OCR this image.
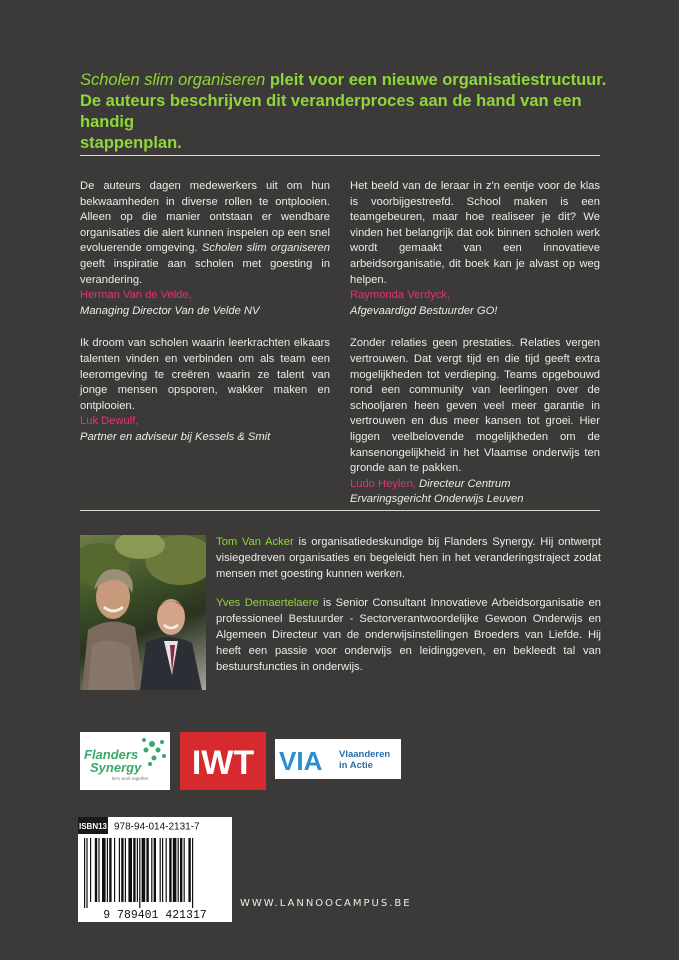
Scholen slim organiseren pleit voor een nieuwe organisatiestructuur.
De auteurs beschrijven dit veranderproces aan de hand van een handig
stappenplan.

De auteurs dagen medewerkers uit om hun bekwaamheden in diverse rollen te ontplooien. Alleen op die manier ontstaan er wendbare organisaties die alert kunnen inspelen op een snel evoluerende omgeving. Scholen slim organiseren geeft inspiratie aan scholen met goesting in verandering.
Herman Van de Velde,
Managing Director Van de Velde NV

Ik droom van scholen waarin leerkrachten elkaars talenten vinden en verbinden om als team een leeromgeving te creëren waarin ze talent van jonge mensen opsporen, wakker maken en ontplooien.
Luk Dewulf,
Partner en adviseur bij Kessels & Smit

Het beeld van de leraar in z'n eentje voor de klas is voorbijgestreefd. School maken is een teamgebeuren, maar hoe realiseer je dit? We vinden het belangrijk dat ook binnen scholen werk wordt gemaakt van een innovatieve arbeidsorganisatie, dit boek kan je alvast op weg helpen.
Raymonda Verdyck,
Afgevaardigd Bestuurder GO!

Zonder relaties geen prestaties. Relaties vergen vertrouwen. Dat vergt tijd en die tijd geeft extra mogelijkheden tot verdieping. Teams opgebouwd rond een community van leerlingen over de schooljaren heen geven veel meer garantie in vertrouwen en dus meer kansen tot groei. Hier liggen veelbelovende mogelijkheden om de kansenongelijkheid in het Vlaamse onderwijs ten gronde aan te pakken.
Ludo Heylen, Directeur Centrum
Ervaringsgericht Onderwijs Leuven

Tom Van Acker is organisatiedeskundige bij Flanders Synergy. Hij ontwerpt visiegedreven organisaties en begeleidt hen in het veranderingstraject zodat mensen met goesting kunnen werken.

Yves Demaertelaere is Senior Consultant Innovatieve Arbeidsorganisatie en professioneel Bestuurder - Sectorverantwoordelijke Gewoon Onderwijs en Algemeen Directeur van de onderwijsinstellingen Broeders van Liefde. Hij heeft een passie voor onderwijs en leidinggeven, en bekleedt tal van bestuursfuncties in onderwijs.

Flanders
Synergy
let's work together IWT VIA Vlaanderen
in Actie
ISBN13 978-94-014-2131-7
9 789401 421317
WWW.LANNOOCAMPUS.BE
